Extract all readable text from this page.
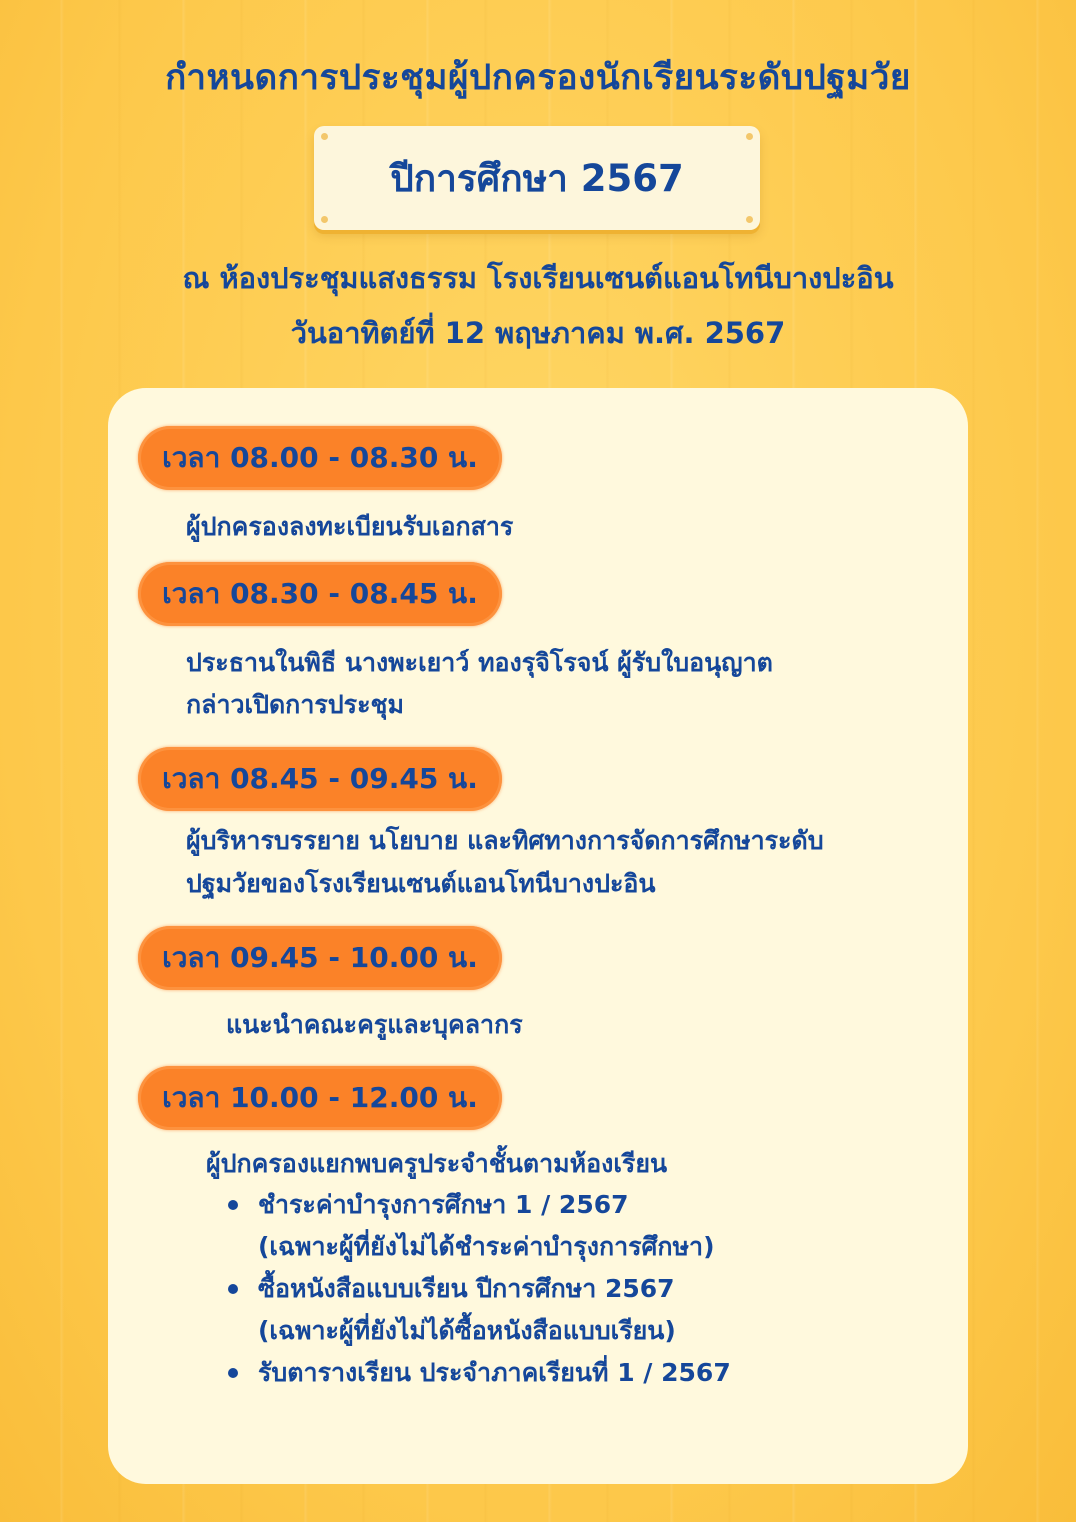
กำหนดการประชุมผู้ปกครองนักเรียนระดับปฐมวัย
ปีการศึกษา 2567
ณ ห้องประชุมแสงธรรม โรงเรียนเซนต์แอนโทนีบางปะอิน
วันอาทิตย์ที่ 12 พฤษภาคม พ.ศ. 2567
เวลา 08.00 - 08.30 น.
ผู้ปกครองลงทะเบียนรับเอกสาร
เวลา 08.30 - 08.45 น.
ประธานในพิธี นางพะเยาว์ ทองรุจิโรจน์ ผู้รับใบอนุญาต
กล่าวเปิดการประชุม
เวลา 08.45 - 09.45 น.
ผู้บริหารบรรยาย นโยบาย และทิศทางการจัดการศึกษาระดับ
ปฐมวัยของโรงเรียนเซนต์แอนโทนีบางปะอิน
เวลา 09.45 - 10.00 น.
แนะนำคณะครูและบุคลากร
เวลา 10.00 - 12.00 น.
ผู้ปกครองแยกพบครูประจำชั้นตามห้องเรียน
ชำระค่าบำรุงการศึกษา 1 / 2567
(เฉพาะผู้ที่ยังไม่ได้ชำระค่าบำรุงการศึกษา)
ซื้อหนังสือแบบเรียน ปีการศึกษา 2567
(เฉพาะผู้ที่ยังไม่ได้ซื้อหนังสือแบบเรียน)
รับตารางเรียน ประจำภาคเรียนที่ 1 / 2567
